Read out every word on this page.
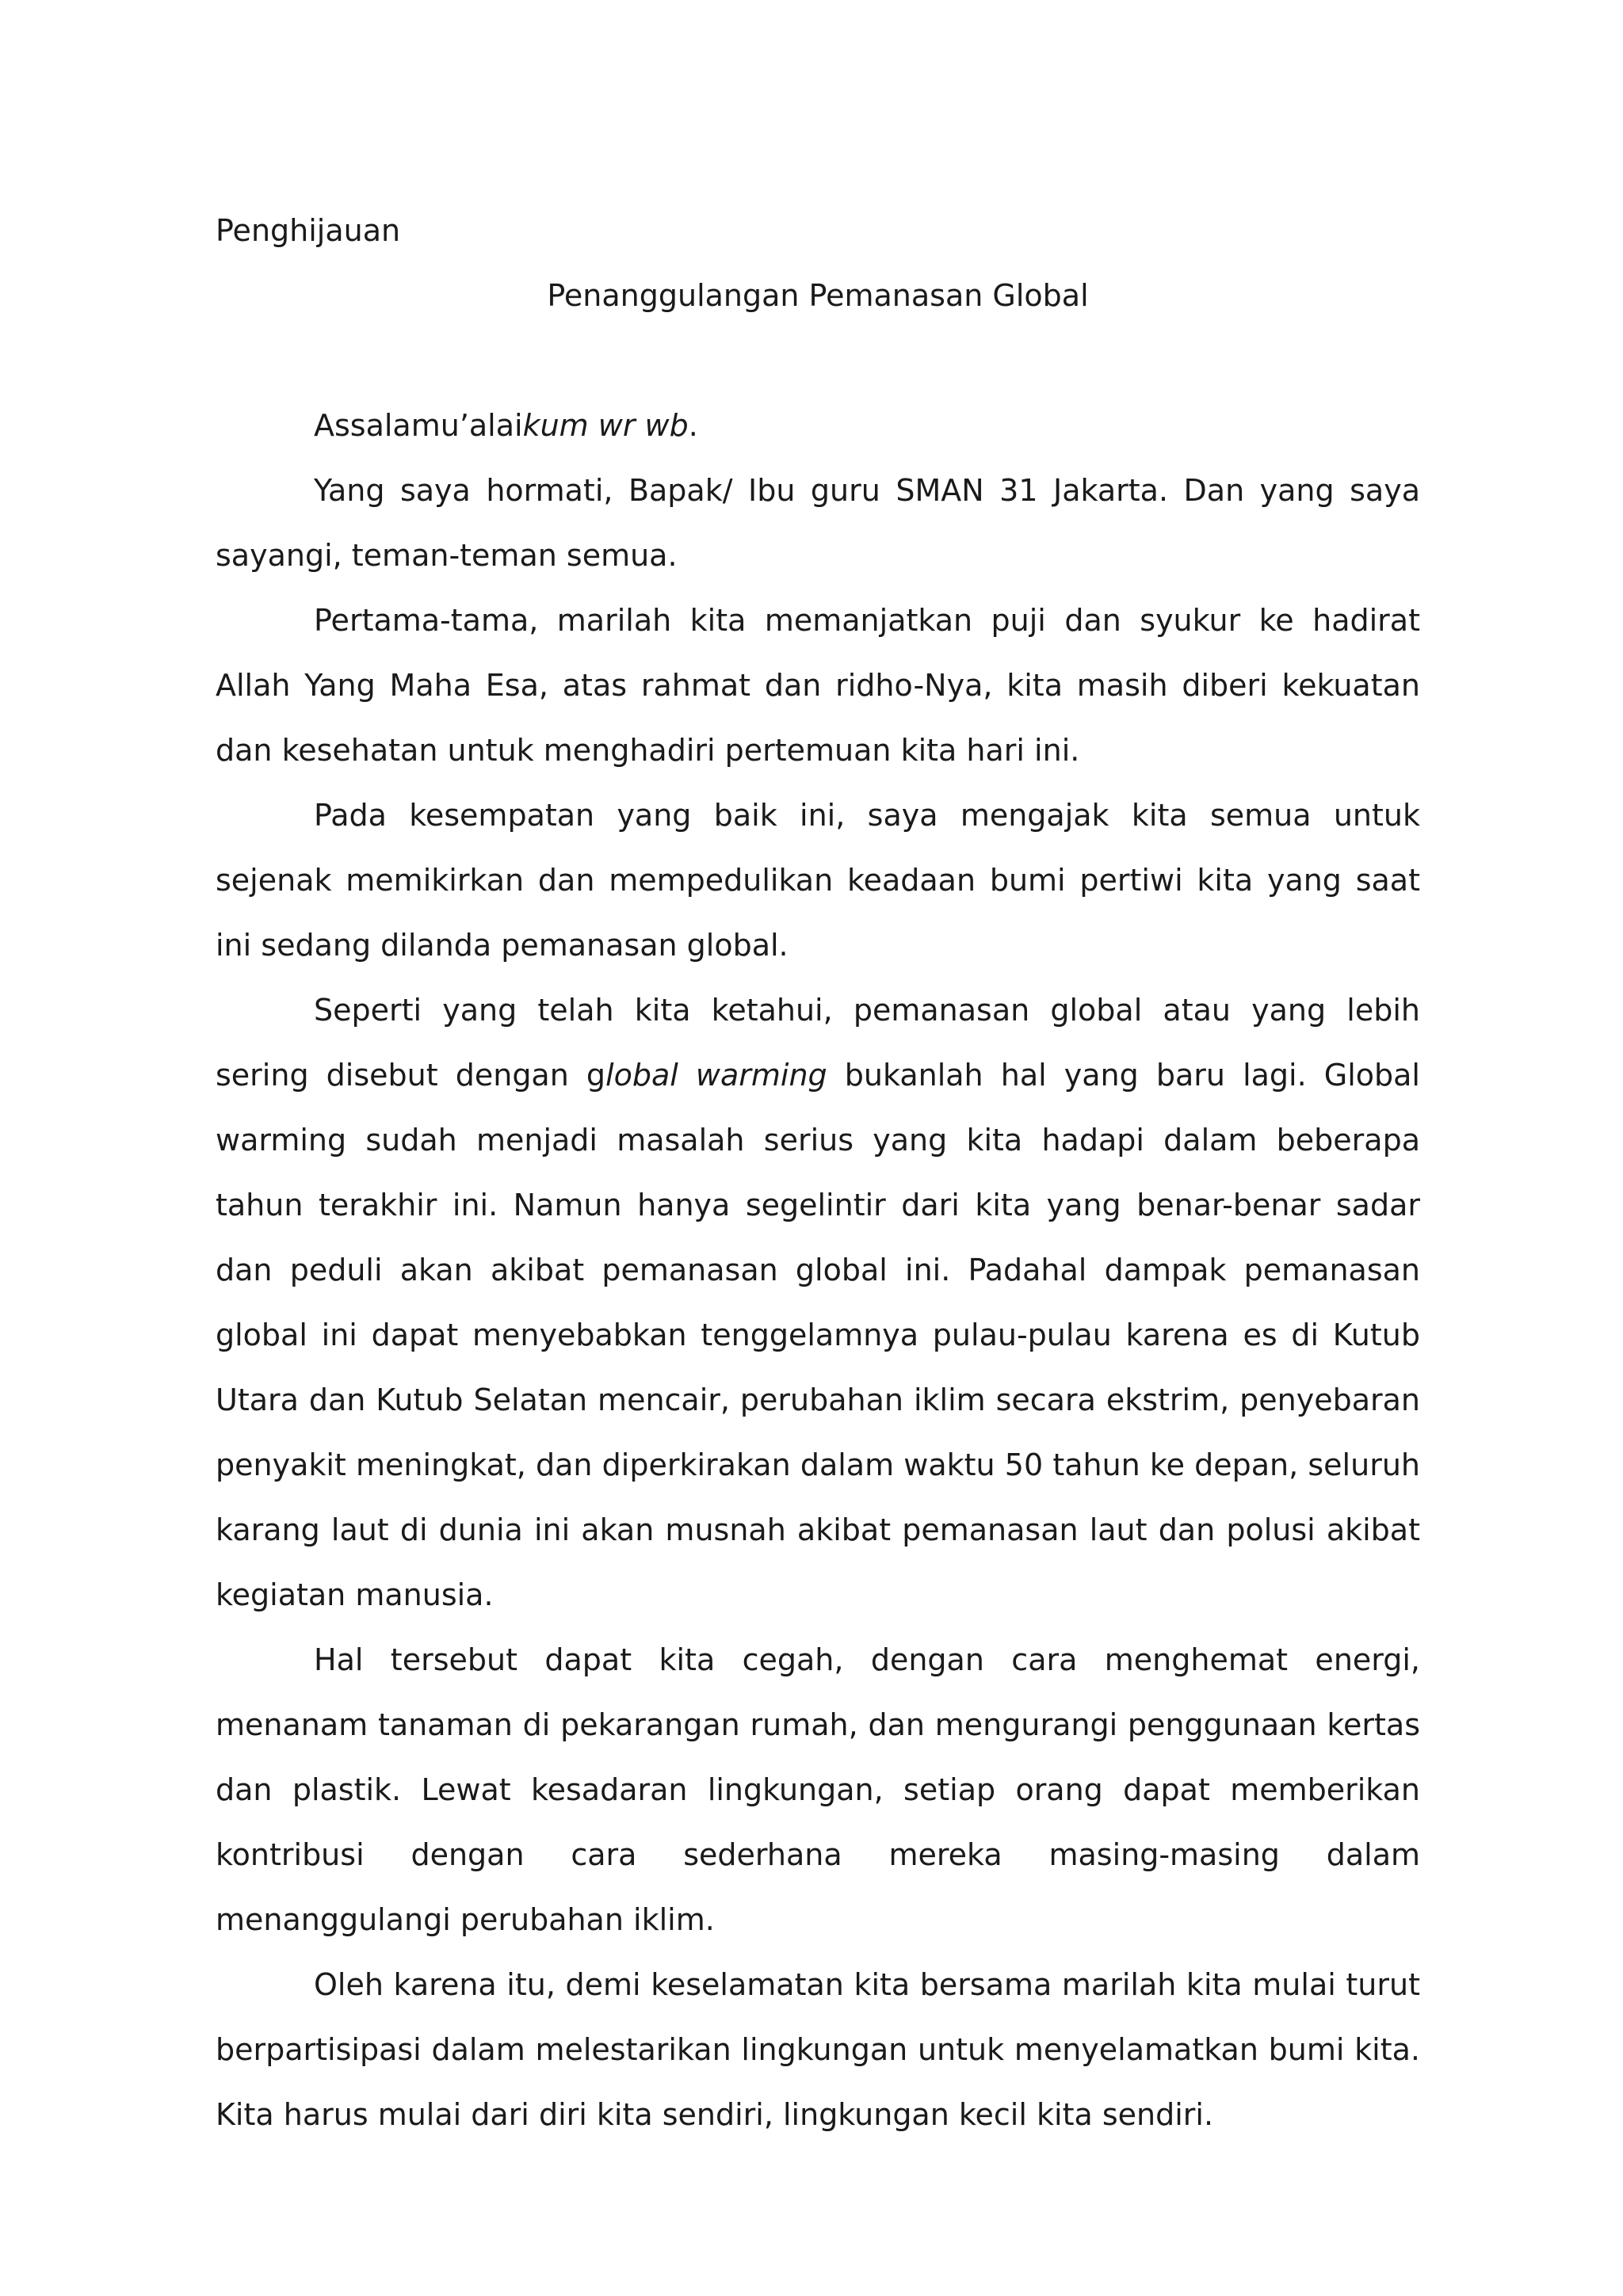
Penghijauan

Penanggulangan Pemanasan Global

Assalamu’alaikum wr wb.

Yang saya hormati, Bapak/ Ibu guru SMAN 31 Jakarta. Dan yang saya sayangi, teman-teman semua.

Pertama-tama, marilah kita memanjatkan puji dan syukur ke hadirat Allah Yang Maha Esa, atas rahmat dan ridho-Nya, kita masih diberi kekuatan dan kesehatan untuk menghadiri pertemuan kita hari ini.

Pada kesempatan yang baik ini, saya mengajak kita semua untuk sejenak memikirkan dan mempedulikan keadaan bumi pertiwi kita yang saat ini sedang dilanda pemanasan global.

Seperti yang telah kita ketahui, pemanasan global atau yang lebih sering disebut dengan global warming bukanlah hal yang baru lagi. Global warming sudah menjadi masalah serius yang kita hadapi dalam beberapa tahun terakhir ini. Namun hanya segelintir dari kita yang benar-benar sadar dan peduli akan akibat pemanasan global ini. Padahal dampak pemanasan global ini dapat menyebabkan tenggelamnya pulau-pulau karena es di Kutub Utara dan Kutub Selatan mencair, perubahan iklim secara ekstrim, penyebaran penyakit meningkat, dan diperkirakan dalam waktu 50 tahun ke depan, seluruh karang laut di dunia ini akan musnah akibat pemanasan laut dan polusi akibat kegiatan manusia.

Hal tersebut dapat kita cegah, dengan cara menghemat energi, menanam tanaman di pekarangan rumah, dan mengurangi penggunaan kertas dan plastik. Lewat kesadaran lingkungan, setiap orang dapat memberikan kontribusi dengan cara sederhana mereka masing-masing dalam menanggulangi perubahan iklim.

Oleh karena itu, demi keselamatan kita bersama marilah kita mulai turut berpartisipasi dalam melestarikan lingkungan untuk menyelamatkan bumi kita. Kita harus mulai dari diri kita sendiri, lingkungan kecil kita sendiri.
